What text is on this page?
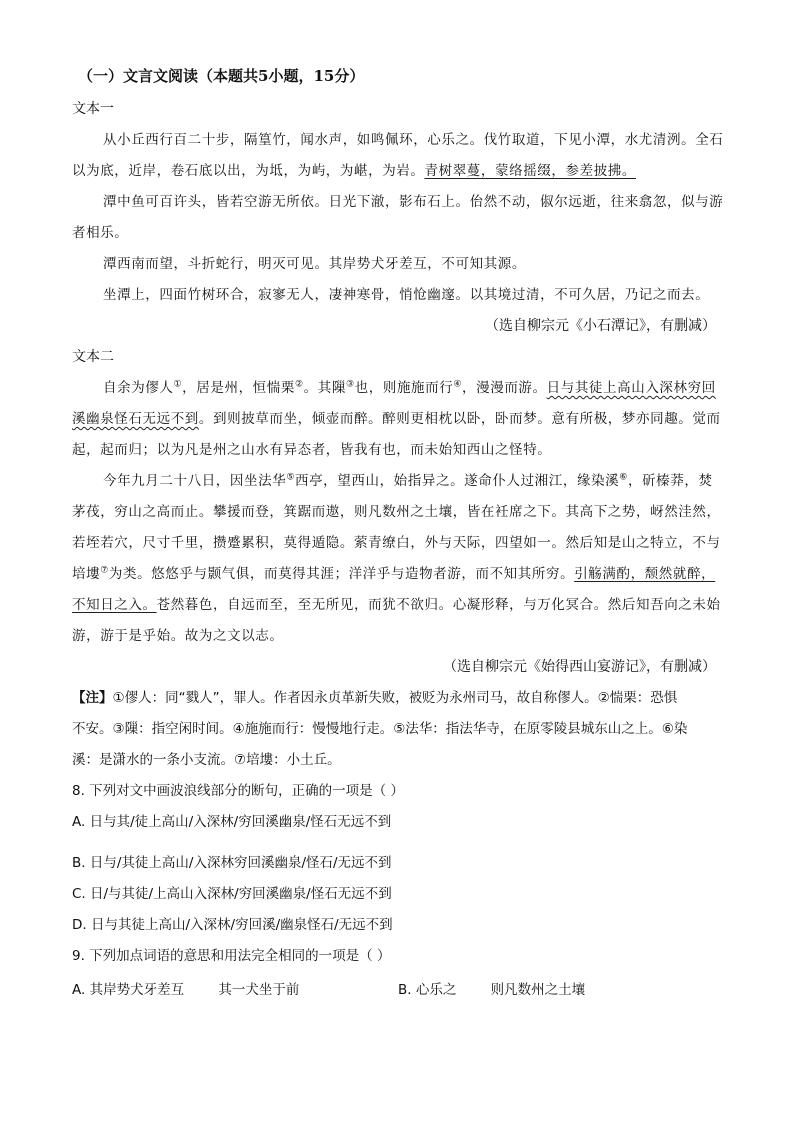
（一）文言文阅读（本题共5小题，15分）
文本一
从小丘西行百二十步，隔篁竹，闻水声，如鸣佩环，心乐之。伐竹取道，下见小潭，水尤清洌。全石
以为底，近岸，卷石底以出，为坻，为屿，为嵁，为岩。青树翠蔓，蒙络摇缀，参差披拂。
潭中鱼可百许头，皆若空游无所依。日光下澈，影布石上。佁然不动，俶尔远逝，往来翕忽，似与游
者相乐。
潭西南而望，斗折蛇行，明灭可见。其岸势犬牙差互，不可知其源。
坐潭上，四面竹树环合，寂寥无人，凄神寒骨，悄怆幽邃。以其境过清，不可久居，乃记之而去。
（选自柳宗元《小石潭记》，有删减）
文本二
自余为僇人①，居是州，恒惴栗②。其隟③也，则施施而行④，漫漫而游。日与其徒上高山入深林穷回
溪幽泉怪石无远不到。到则披草而坐，倾壶而醉。醉则更相枕以卧，卧而梦。意有所极，梦亦同趣。觉而
起，起而归；以为凡是州之山水有异态者，皆我有也，而未始知西山之怪特。
今年九月二十八日，因坐法华⑤西亭，望西山，始指异之。遂命仆人过湘江，缘染溪⑥，斫榛莽，焚
茅茷，穷山之高而止。攀援而登，箕踞而遨，则凡数州之土壤，皆在衽席之下。其高下之势，岈然洼然，
若垤若穴，尺寸千里，攒蹙累积，莫得遁隐。萦青缭白，外与天际，四望如一。然后知是山之特立，不与
培塿⑦为类。悠悠乎与颢气俱，而莫得其涯；洋洋乎与造物者游，而不知其所穷。引觞满酌，颓然就醉，
不知日之入。苍然暮色，自远而至，至无所见，而犹不欲归。心凝形释，与万化冥合。然后知吾向之未始
游，游于是乎始。故为之文以志。
（选自柳宗元《始得西山宴游记》，有删减）
【注】①僇人：同“戮人”，罪人。作者因永贞革新失败，被贬为永州司马，故自称僇人。②惴栗：恐惧
不安。③隟：指空闲时间。④施施而行：慢慢地行走。⑤法华：指法华寺，在原零陵县城东山之上。⑥染
溪：是潇水的一条小支流。⑦培塿：小土丘。
8. 下列对文中画波浪线部分的断句，正确的一项是（ ）
A. 日与其/徒上高山/入深林/穷回溪幽泉/怪石无远不到
B. 日与/其徒上高山/入深林穷回溪幽泉/怪石/无远不到
C. 日/与其徒/上高山入深林/穷回溪幽泉/怪石无远不到
D. 日与其徒上高山/入深林/穷回溪/幽泉怪石/无远不到
9. 下列加点词语的意思和用法完全相同的一项是（ ）
A. 其岸势犬牙差互        其一犬坐于前	B. 心乐之        则凡数州之土壤
